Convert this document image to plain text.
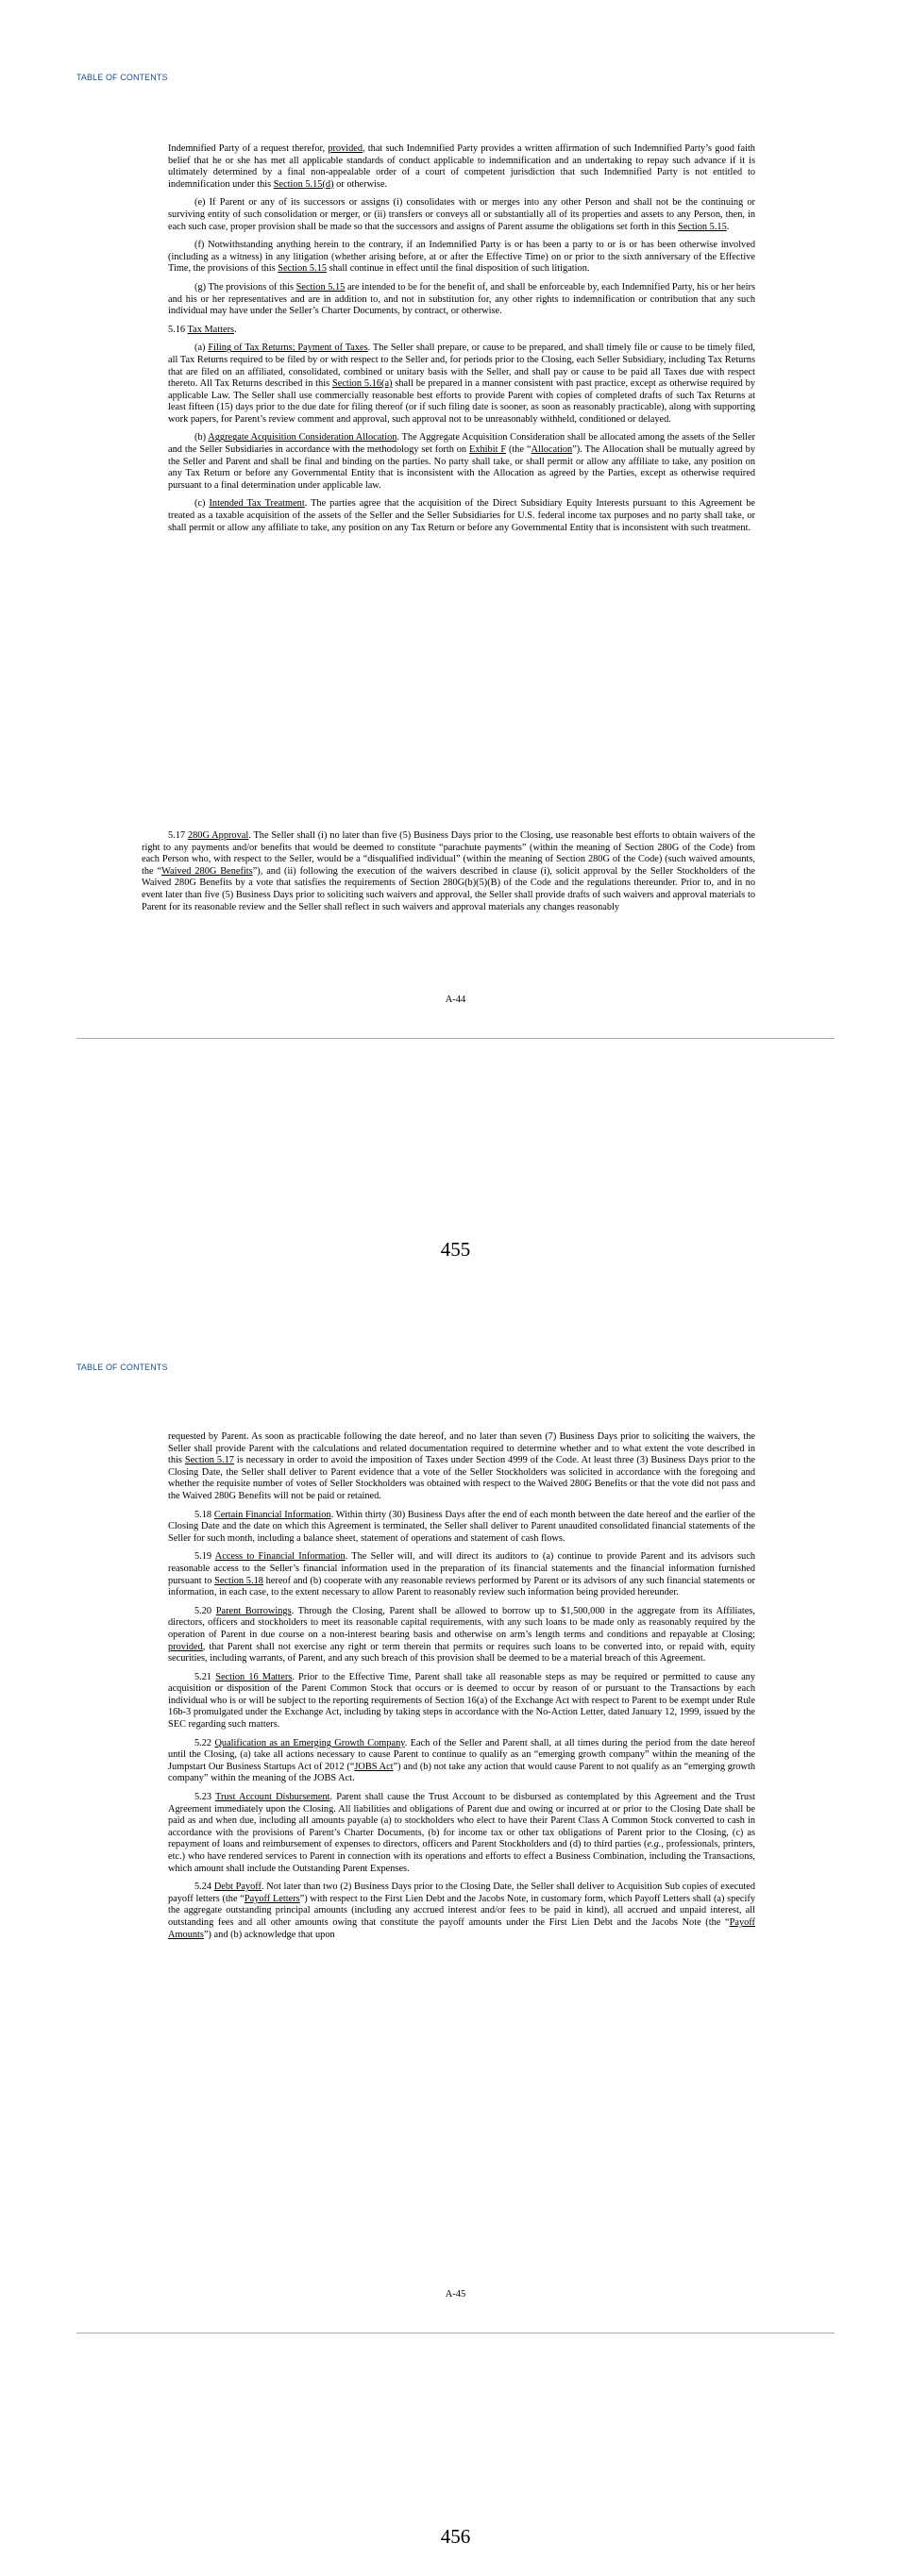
TABLE OF CONTENTS

Indemnified Party of a request therefor, provided, that such Indemnified Party provides a written affirmation of such Indemnified Party’s good faith belief that he or she has met all applicable standards of conduct applicable to indemnification and an undertaking to repay such advance if it is ultimately determined by a final non-appealable order of a court of competent jurisdiction that such Indemnified Party is not entitled to indemnification under this Section 5.15(d) or otherwise.

(e) If Parent or any of its successors or assigns (i) consolidates with or merges into any other Person and shall not be the continuing or surviving entity of such consolidation or merger, or (ii) transfers or conveys all or substantially all of its properties and assets to any Person, then, in each such case, proper provision shall be made so that the successors and assigns of Parent assume the obligations set forth in this Section 5.15.

(f) Notwithstanding anything herein to the contrary, if an Indemnified Party is or has been a party to or is or has been otherwise involved (including as a witness) in any litigation (whether arising before, at or after the Effective Time) on or prior to the sixth anniversary of the Effective Time, the provisions of this Section 5.15 shall continue in effect until the final disposition of such litigation.

(g) The provisions of this Section 5.15 are intended to be for the benefit of, and shall be enforceable by, each Indemnified Party, his or her heirs and his or her representatives and are in addition to, and not in substitution for, any other rights to indemnification or contribution that any such individual may have under the Seller’s Charter Documents, by contract, or otherwise.

5.16 Tax Matters.

(a) Filing of Tax Returns; Payment of Taxes. The Seller shall prepare, or cause to be prepared, and shall timely file or cause to be timely filed, all Tax Returns required to be filed by or with respect to the Seller and, for periods prior to the Closing, each Seller Subsidiary, including Tax Returns that are filed on an affiliated, consolidated, combined or unitary basis with the Seller, and shall pay or cause to be paid all Taxes due with respect thereto. All Tax Returns described in this Section 5.16(a) shall be prepared in a manner consistent with past practice, except as otherwise required by applicable Law. The Seller shall use commercially reasonable best efforts to provide Parent with copies of completed drafts of such Tax Returns at least fifteen (15) days prior to the due date for filing thereof (or if such filing date is sooner, as soon as reasonably practicable), along with supporting work papers, for Parent’s review comment and approval, such approval not to be unreasonably withheld, conditioned or delayed.

(b) Aggregate Acquisition Consideration Allocation. The Aggregate Acquisition Consideration shall be allocated among the assets of the Seller and the Seller Subsidiaries in accordance with the methodology set forth on Exhibit F (the “Allocation”). The Allocation shall be mutually agreed by the Seller and Parent and shall be final and binding on the parties. No party shall take, or shall permit or allow any affiliate to take, any position on any Tax Return or before any Governmental Entity that is inconsistent with the Allocation as agreed by the Parties, except as otherwise required pursuant to a final determination under applicable law.

(c) Intended Tax Treatment. The parties agree that the acquisition of the Direct Subsidiary Equity Interests pursuant to this Agreement be treated as a taxable acquisition of the assets of the Seller and the Seller Subsidiaries for U.S. federal income tax purposes and no party shall take, or shall permit or allow any affiliate to take, any position on any Tax Return or before any Governmental Entity that is inconsistent with such treatment.

5.17 280G Approval. The Seller shall (i) no later than five (5) Business Days prior to the Closing, use reasonable best efforts to obtain waivers of the right to any payments and/or benefits that would be deemed to constitute “parachute payments” (within the meaning of Section 280G of the Code) from each Person who, with respect to the Seller, would be a “disqualified individual” (within the meaning of Section 280G of the Code) (such waived amounts, the “Waived 280G Benefits”), and (ii) following the execution of the waivers described in clause (i), solicit approval by the Seller Stockholders of the Waived 280G Benefits by a vote that satisfies the requirements of Section 280G(b)(5)(B) of the Code and the regulations thereunder. Prior to, and in no event later than five (5) Business Days prior to soliciting such waivers and approval, the Seller shall provide drafts of such waivers and approval materials to Parent for its reasonable review and the Seller shall reflect in such waivers and approval materials any changes reasonably

A-44
455
TABLE OF CONTENTS

requested by Parent. As soon as practicable following the date hereof, and no later than seven (7) Business Days prior to soliciting the waivers, the Seller shall provide Parent with the calculations and related documentation required to determine whether and to what extent the vote described in this Section 5.17 is necessary in order to avoid the imposition of Taxes under Section 4999 of the Code. At least three (3) Business Days prior to the Closing Date, the Seller shall deliver to Parent evidence that a vote of the Seller Stockholders was solicited in accordance with the foregoing and whether the requisite number of votes of Seller Stockholders was obtained with respect to the Waived 280G Benefits or that the vote did not pass and the Waived 280G Benefits will not be paid or retained.

5.18 Certain Financial Information. Within thirty (30) Business Days after the end of each month between the date hereof and the earlier of the Closing Date and the date on which this Agreement is terminated, the Seller shall deliver to Parent unaudited consolidated financial statements of the Seller for such month, including a balance sheet, statement of operations and statement of cash flows.

5.19 Access to Financial Information. The Seller will, and will direct its auditors to (a) continue to provide Parent and its advisors such reasonable access to the Seller’s financial information used in the preparation of its financial statements and the financial information furnished pursuant to Section 5.18 hereof and (b) cooperate with any reasonable reviews performed by Parent or its advisors of any such financial statements or information, in each case, to the extent necessary to allow Parent to reasonably review such information being provided hereunder.

5.20 Parent Borrowings. Through the Closing, Parent shall be allowed to borrow up to $1,500,000 in the aggregate from its Affiliates, directors, officers and stockholders to meet its reasonable capital requirements, with any such loans to be made only as reasonably required by the operation of Parent in due course on a non-interest bearing basis and otherwise on arm’s length terms and conditions and repayable at Closing; provided, that Parent shall not exercise any right or term therein that permits or requires such loans to be converted into, or repaid with, equity securities, including warrants, of Parent, and any such breach of this provision shall be deemed to be a material breach of this Agreement.

5.21 Section 16 Matters. Prior to the Effective Time, Parent shall take all reasonable steps as may be required or permitted to cause any acquisition or disposition of the Parent Common Stock that occurs or is deemed to occur by reason of or pursuant to the Transactions by each individual who is or will be subject to the reporting requirements of Section 16(a) of the Exchange Act with respect to Parent to be exempt under Rule 16b-3 promulgated under the Exchange Act, including by taking steps in accordance with the No-Action Letter, dated January 12, 1999, issued by the SEC regarding such matters.

5.22 Qualification as an Emerging Growth Company. Each of the Seller and Parent shall, at all times during the period from the date hereof until the Closing, (a) take all actions necessary to cause Parent to continue to qualify as an “emerging growth company” within the meaning of the Jumpstart Our Business Startups Act of 2012 (“JOBS Act”) and (b) not take any action that would cause Parent to not qualify as an “emerging growth company” within the meaning of the JOBS Act.

5.23 Trust Account Disbursement. Parent shall cause the Trust Account to be disbursed as contemplated by this Agreement and the Trust Agreement immediately upon the Closing. All liabilities and obligations of Parent due and owing or incurred at or prior to the Closing Date shall be paid as and when due, including all amounts payable (a) to stockholders who elect to have their Parent Class A Common Stock converted to cash in accordance with the provisions of Parent’s Charter Documents, (b) for income tax or other tax obligations of Parent prior to the Closing, (c) as repayment of loans and reimbursement of expenses to directors, officers and Parent Stockholders and (d) to third parties (e.g., professionals, printers, etc.) who have rendered services to Parent in connection with its operations and efforts to effect a Business Combination, including the Transactions, which amount shall include the Outstanding Parent Expenses.

5.24 Debt Payoff. Not later than two (2) Business Days prior to the Closing Date, the Seller shall deliver to Acquisition Sub copies of executed payoff letters (the “Payoff Letters”) with respect to the First Lien Debt and the Jacobs Note, in customary form, which Payoff Letters shall (a) specify the aggregate outstanding principal amounts (including any accrued interest and/or fees to be paid in kind), all accrued and unpaid interest, all outstanding fees and all other amounts owing that constitute the payoff amounts under the First Lien Debt and the Jacobs Note (the “Payoff Amounts”) and (b) acknowledge that upon

A-45
456
